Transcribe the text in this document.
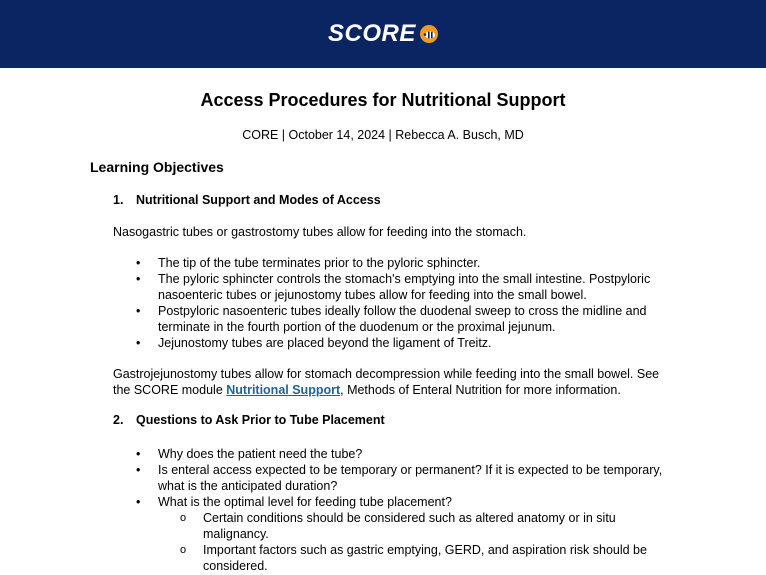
SCORE
Access Procedures for Nutritional Support
CORE | October 14, 2024 | Rebecca A. Busch, MD
Learning Objectives
1. Nutritional Support and Modes of Access
Nasogastric tubes or gastrostomy tubes allow for feeding into the stomach.
• The tip of the tube terminates prior to the pyloric sphincter.
• The pyloric sphincter controls the stomach's emptying into the small intestine. Postpyloric nasoenteric tubes or jejunostomy tubes allow for feeding into the small bowel.
• Postpyloric nasoenteric tubes ideally follow the duodenal sweep to cross the midline and terminate in the fourth portion of the duodenum or the proximal jejunum.
• Jejunostomy tubes are placed beyond the ligament of Treitz.
Gastrojejunostomy tubes allow for stomach decompression while feeding into the small bowel. See the SCORE module Nutritional Support, Methods of Enteral Nutrition for more information.
2. Questions to Ask Prior to Tube Placement
• Why does the patient need the tube?
• Is enteral access expected to be temporary or permanent? If it is expected to be temporary, what is the anticipated duration?
• What is the optimal level for feeding tube placement?
o Certain conditions should be considered such as altered anatomy or in situ malignancy.
o Important factors such as gastric emptying, GERD, and aspiration risk should be considered.
